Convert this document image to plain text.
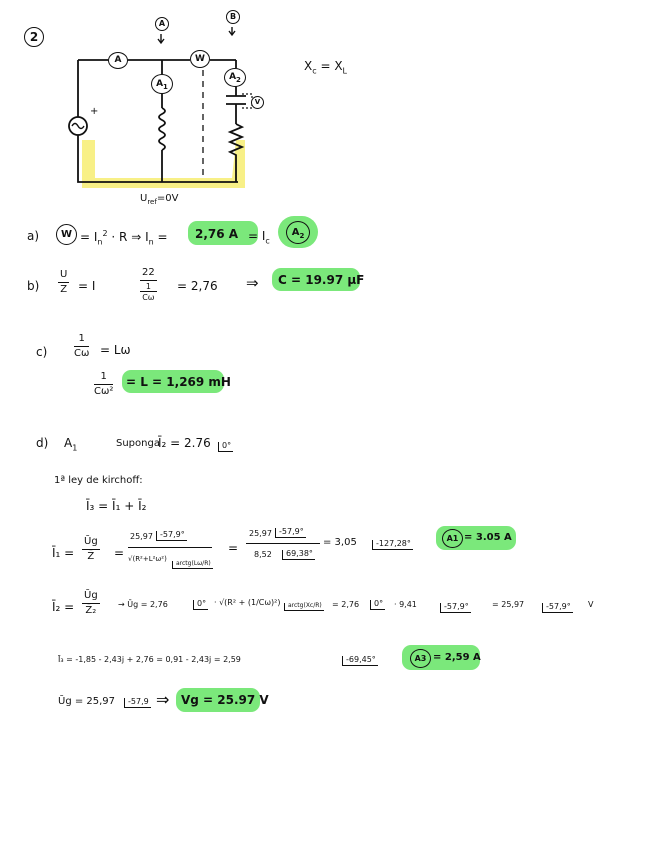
2
A
B
A	W
$A_1$
$A_2$
V
+
$U_{ref}=0V$
$X_c = X_L$
a)	$W = I_n^2 \cdot R$ ⇒ $I_n = 2,76$ $A = I_c$
$A_2$
$b) \frac{U}{Z} = I$
22
1
Cω
= 2,76 ⇒ C = 19.97 μF
c)	$\frac{1}{C\omega} = L\omega$
$\frac{1}{\text{Cω²}} = L = 1,269$ mH
d) $A_1$	Suponga
Ī₂ = 2.76	0°
1ª ley de kirchoff:
Ī₃ = Ī₁ + Ī₂
Ī₁ = $\frac{Ūg}{Z̄}$ =
25,97 -57,9°
√(R²+L²ω²)
arctg(Lω/R)
=
25,97 -57,9°
8,52	69,38°
= 3,05	-127,28°
A1 = 3.05 A
Ī₂ = $\frac{Ūg}{\text{Z̄₂}}$ → Ūg = 2,76	0° · √(R² + (1/Cω)²)	arctg(Xc/R) = 2,76	0° · 9,41	-57,9°	= 25,97	-57,9° V
Ī₃ = -1,85 - 2,43j + 2,76 = 0,91 - 2,43j = 2,59	-69,45°	A3 = 2,59 A
Ūg = 25,97	-57,9 ⇒ Vg = 25.97 V
